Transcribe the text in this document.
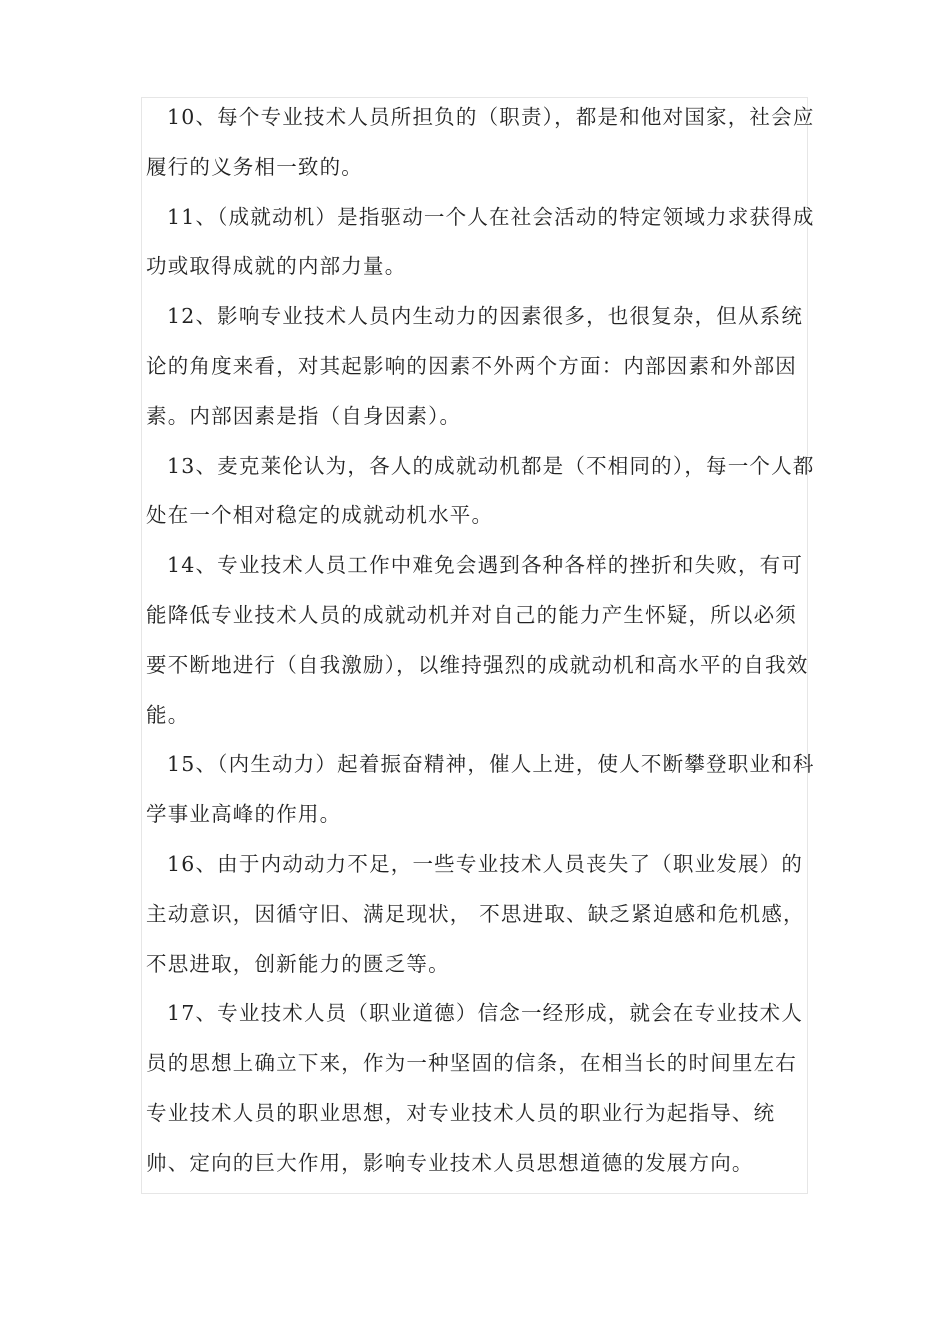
10、每个专业技术人员所担负的（职责），都是和他对国家，社会应履行的义务相一致的。

11、（成就动机）是指驱动一个人在社会活动的特定领域力求获得成功或取得成就的内部力量。

12、影响专业技术人员内生动力的因素很多，也很复杂，但从系统论的角度来看，对其起影响的因素不外两个方面：内部因素和外部因素。内部因素是指（自身因素）。

13、麦克莱伦认为，各人的成就动机都是（不相同的），每一个人都处在一个相对稳定的成就动机水平。

14、专业技术人员工作中难免会遇到各种各样的挫折和失败，有可能降低专业技术人员的成就动机并对自己的能力产生怀疑，所以必须要不断地进行（自我激励），以维持强烈的成就动机和高水平的自我效能。

15、（内生动力）起着振奋精神，催人上进，使人不断攀登职业和科学事业高峰的作用。

16、由于内动动力不足，一些专业技术人员丧失了（职业发展）的主动意识，因循守旧、满足现状， 不思进取、缺乏紧迫感和危机感，不思进取，创新能力的匮乏等。

17、专业技术人员（职业道德）信念一经形成，就会在专业技术人员的思想上确立下来，作为一种坚固的信条，在相当长的时间里左右专业技术人员的职业思想，对专业技术人员的职业行为起指导、统帅、定向的巨大作用，影响专业技术人员思想道德的发展方向。
